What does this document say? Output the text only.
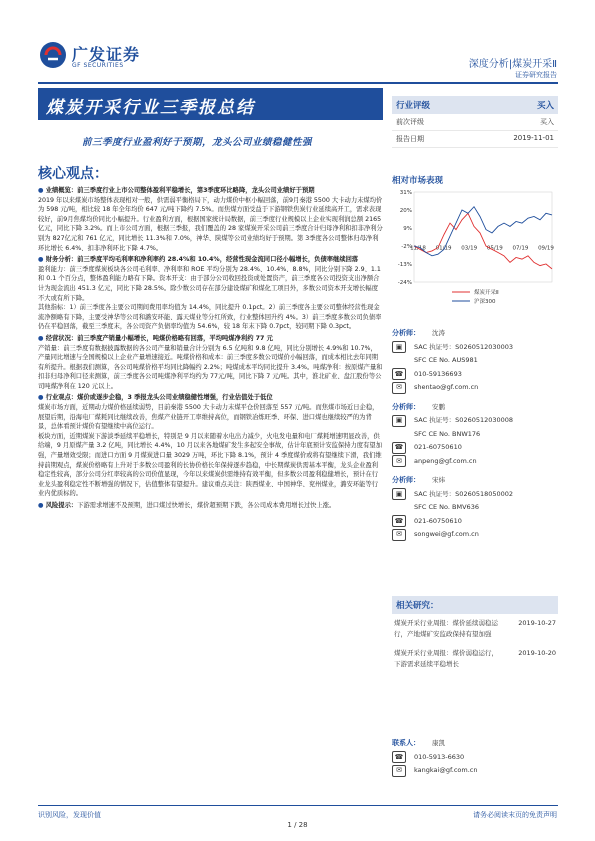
广发证券
GF SECURITIES	深度分析|煤炭开采Ⅱ
证券研究报告
煤炭开采行业三季报总结
前三季度行业盈利好于预期，龙头公司业绩稳健性强
核心观点：

● 业绩概览：前三季度行业上市公司整体盈利平稳增长，第3季度环比略降，龙头公司业绩好于预期

2019 年以来煤炭市场整体表现相对一般，供需弱平衡格局下，动力煤价中枢小幅回落，前9月秦港 5500 大卡动力末煤均价为 598 元/吨，相比较 18 年全年均价 647 元/吨下降约 7.5%。而焦煤方面受益于下游钢铁焦炭行业延续高开工，需求表现较好，前9月焦煤均价同比小幅提升。行业盈利方面，根据国家统计局数据，前三季度行业规模以上企业实现利润总额 2165 亿元，同比下降 3.2%。而上市公司方面，根据三季报，我们覆盖的 28 家煤炭开采公司前三季度合计归母净利和扣非净利分别为 827亿元和 761 亿元，同比增长 11.3%和 7.0%，神华、陕煤等公司业绩均好于预期。第 3季度各公司整体归母净利环比增长 6.4%、扣非净利环比下降 4.7%。

● 财务分析：前三季度平均毛利率和净利率约 28.4%和 10.4%，经营性现金流同口径小幅增长，负债率继续回落

盈利能力：前三季度煤炭板块各公司毛利率、净利率和 ROE 平均分别为 28.4%、10.4%、8.8%，同比分别下降 2.9、1.1 和 0.1 个百分点，整体盈利能力略有下降。资本开支：由于部分公司收回投资或处置资产，前三季度各公司投资支出净额合计为现金流出 451.3 亿元，同比下降 28.5%。除少数公司存在部分建设煤矿和煤化工项目外，多数公司资本开支增长幅度不大或有所下降。

其他指标：1）前三季度各主要公司期间费用率均值为 14.4%，同比提升 0.1pct。2）前三季度各主要公司整体经营性现金流净额略有下降，主要受神华等公司和潞安环能、露天煤业等分红所致，行业整体回升约 4%。3）前三季度多数公司负债率仍在平稳回落，截至三季度末，各公司资产负债率均值为 54.6%，较 18 年末下降 0.7pct，较同期下降 0.3pct。

● 经营状况：前三季度产销量小幅增长，吨煤价格略有回落，平均吨煤净利约 77 元

产销量：前三季度有数据披露数据的各公司产量和销量合计分别为 6.5 亿吨和 9.8 亿吨，同比分别增长 4.9%和 10.7%，产量同比增速与全国规模以上企业产量增速接近。吨煤价格和成本：前三季度多数公司煤价小幅回落，而成本相比去年同期有所提升。根据我们测算，各公司吨煤价格平均同比降幅约 2.2%；吨煤成本平均同比提升 3.4%。吨煤净利：按原煤产量和扣非归母净利口径来测算，前三季度各公司吨煤净利平均约为 77元/吨，同比下降 7 元/吨。其中，淮北矿业、盘江股份等公司吨煤净利在 120 元以上。

● 行业观点：煤价或逐步企稳，3 季报龙头公司业绩稳健性增强，行业估值处于低位

煤炭市场方面，近期动力煤价格延续弱势，目前秦港 5500 大卡动力末煤平仓价回落至 557 元/吨。而焦煤市场近日企稳，展望后期，沿海电厂煤耗同比继续改善，焦煤产业链开工率维持高位，而钢铁冶炼旺季、环保、进口煤也继续较严的为背景，总体看预计煤价有望继续中高位运行。

板块方面，近期煤炭下游淡季延续平稳增长，特别是 9 月以来随着水电出力减少，火电发电量和电厂煤耗增速明显改善，供给端，9 月原煤产量 3.2 亿吨，同比增长 4.4%，10 月以来各地煤矿发生多起安全事故，估计年底预计安监保持力度有望加强，产量增效受限；而进口方面 9 月煤炭进口量 3029 万吨，环比下降 8.1%，预计 4 季度煤价或将有望继续下滑，我们维持前期观点，煤炭价格略有上升对于多数公司盈利的长协价格长年保持逐步趋稳，中长期煤炭供需基本平衡，龙头企业盈利稳定性较高，部分公司分红率较高的公司价值显现，今年以来煤炭供需维持有效平衡，但多数公司盈利稳健增长，预计在行业龙头盈利稳定性不断增强的情况下，估值整体有望提升。建议重点关注：陕西煤业、中国神华、兖州煤业，潞安环能等行业内优质标的。

● 风险提示：下游需求增速不及预期，进口煤过快增长，煤价超预期下跌，各公司成本费用增长过快上涨。

行业评级	买入
前次评级	买入
报告日期	2019-11-01
相对市场表现
31%
20%
9%
-2%
-13%
-24%
11/18 01/19 03/19 05/19 07/19 09/19
煤炭开采Ⅱ
沪深300
分析师：	沈涛
▣	SAC 执证号：S0260512030003
SFC CE No. AUS981
☎	010-59136693
✉	shentao@gf.com.cn
分析师：	安鹏
▣	SAC 执证号：S0260512030008
SFC CE No. BNW176
☎	021-60750610
✉	anpeng@gf.com.cn
分析师：	宋炜
▣	SAC 执证号：S0260518050002
SFC CE No. BMV636
☎	021-60750610
✉	songwei@gf.com.cn
相关研究：
煤炭开采行业周报：煤价延续弱稳运行，产地煤矿安监政保持有望加强
2019-10-27
煤炭开采行业周报：煤价弱稳运行，下游需求延续平稳增长
2019-10-20
联系人：	康凯
☎	010-5913-6630
✉	kangkai@gf.com.cn
识别风险，发现价值	请务必阅读末页的免责声明
1 / 28
